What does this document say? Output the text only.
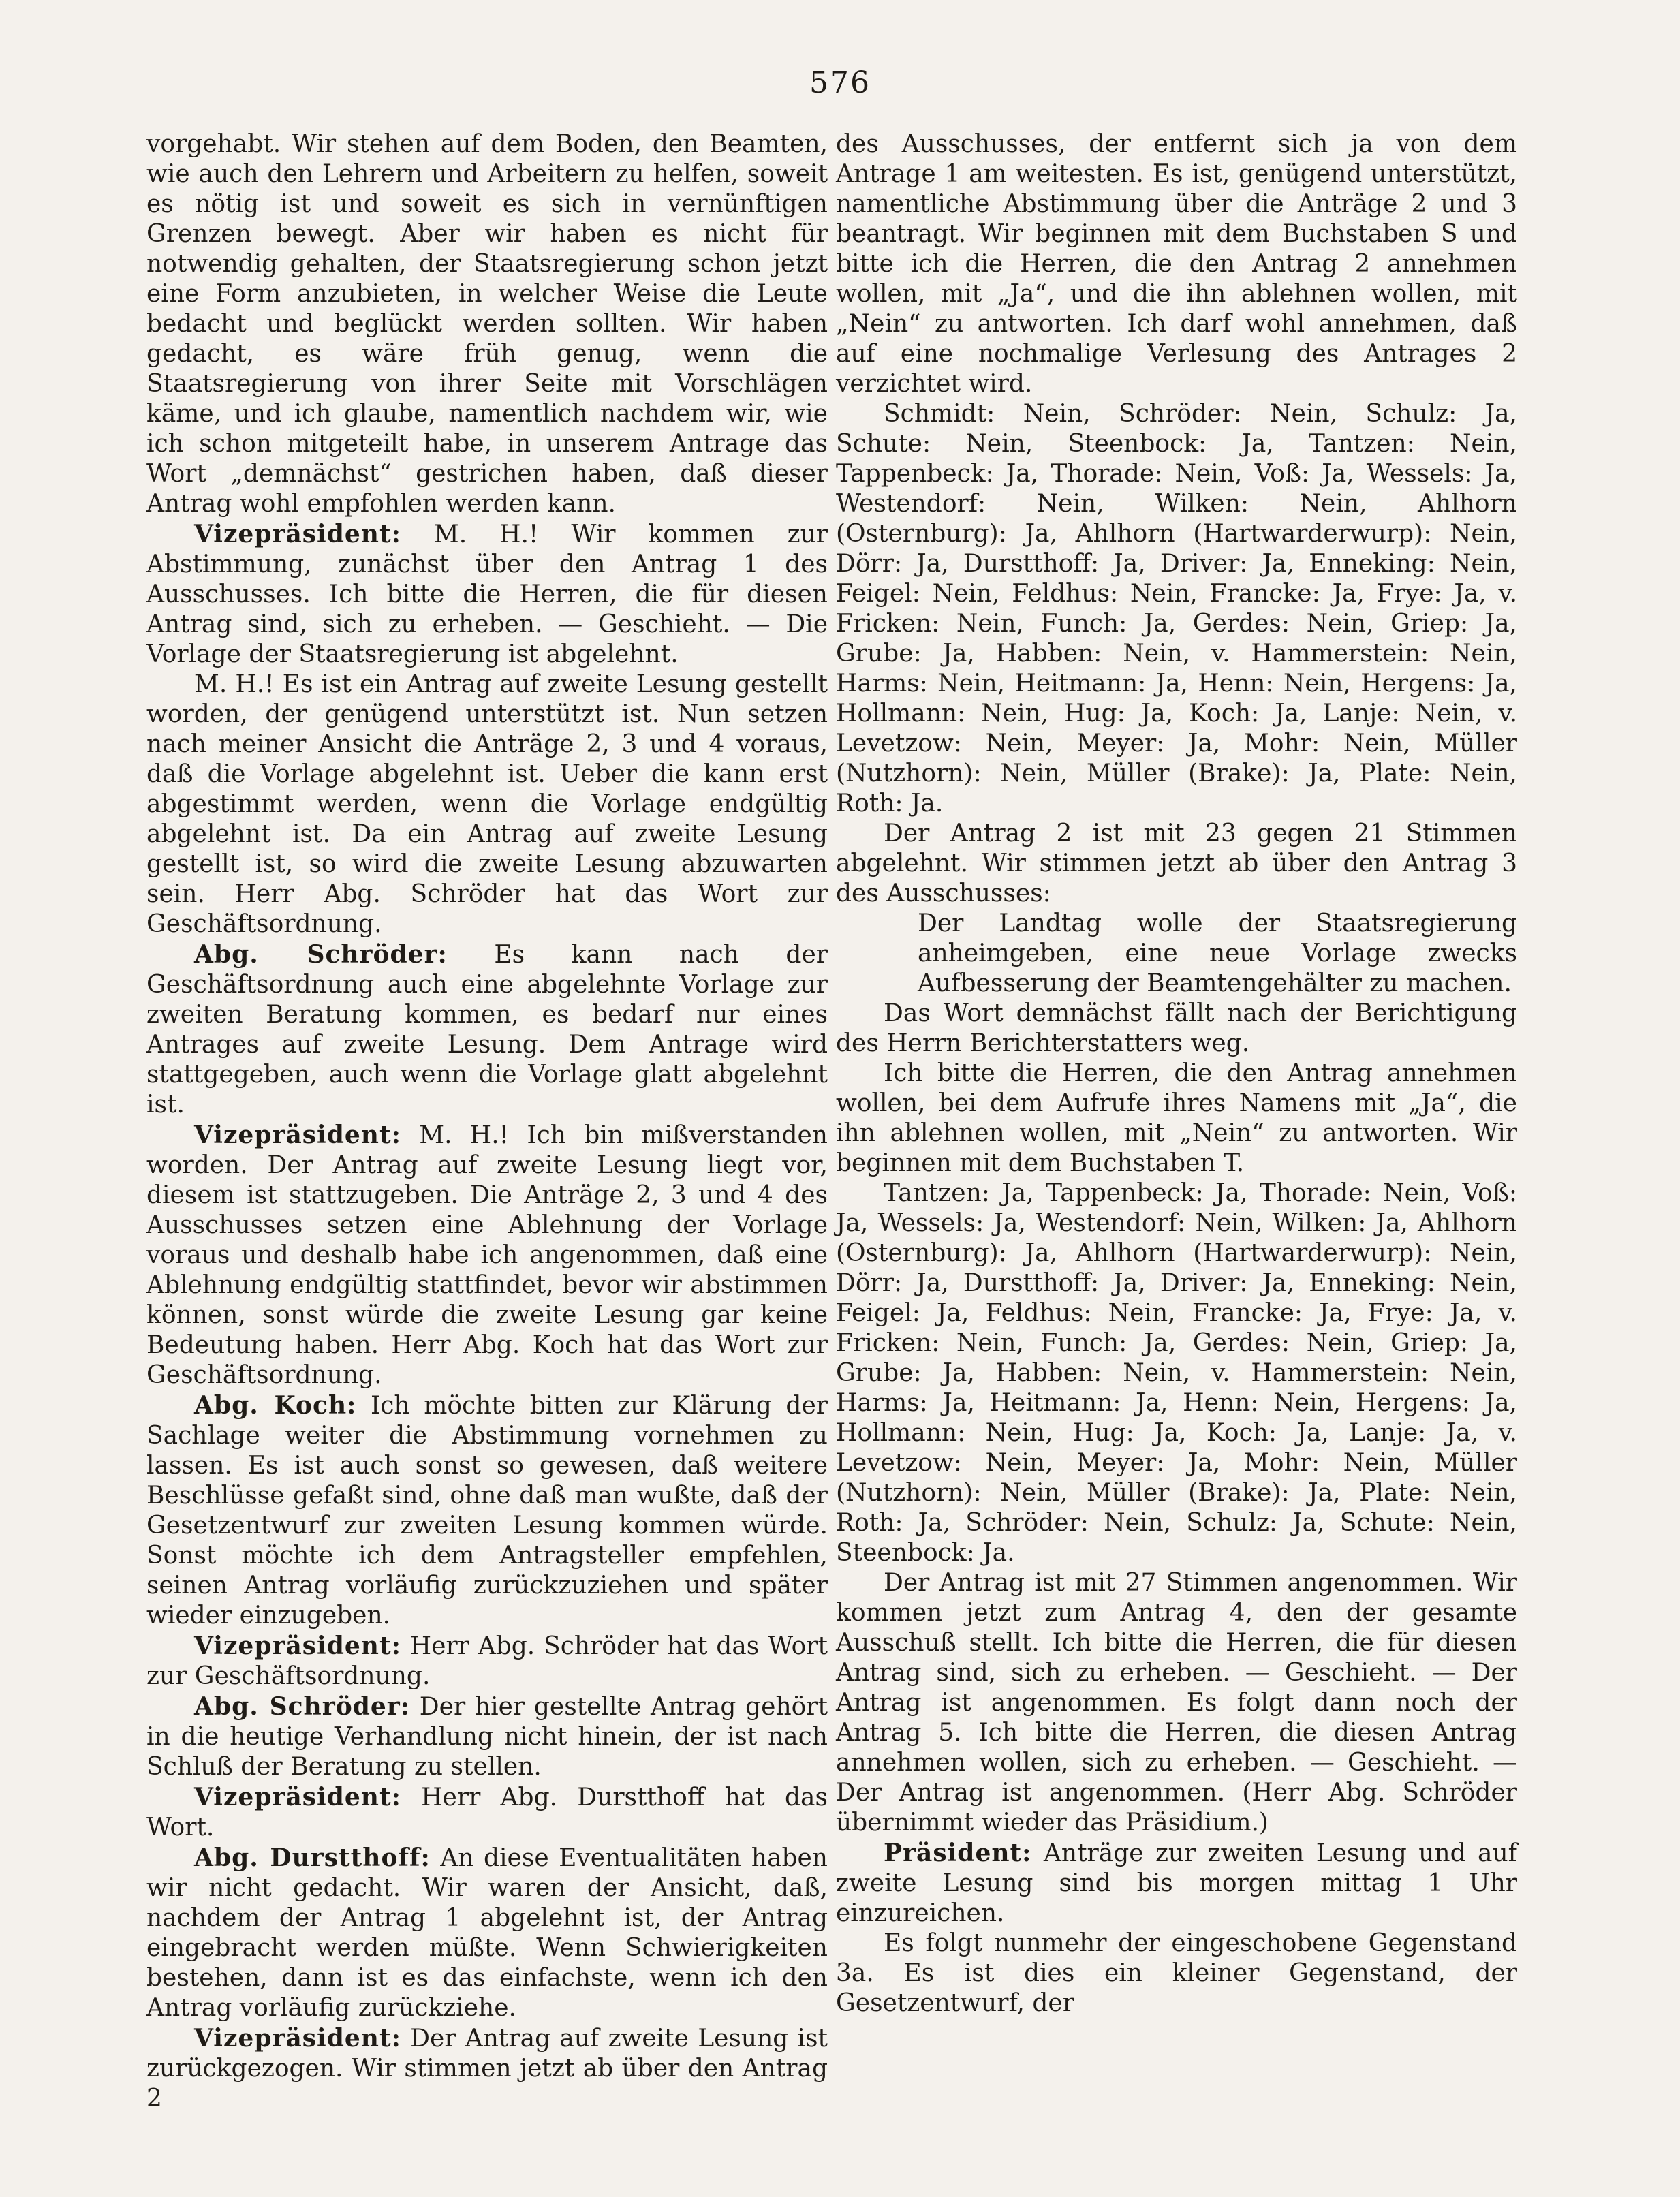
576

vorgehabt. Wir stehen auf dem Boden, den Beamten, wie auch den Lehrern und Arbeitern zu helfen, soweit es nötig ist und soweit es sich in vernünftigen Grenzen bewegt. Aber wir haben es nicht für notwendig gehalten, der Staatsregierung schon jetzt eine Form anzubieten, in welcher Weise die Leute bedacht und beglückt werden sollten. Wir haben gedacht, es wäre früh genug, wenn die Staatsregierung von ihrer Seite mit Vorschlägen käme, und ich glaube, namentlich nachdem wir, wie ich schon mitgeteilt habe, in unserem Antrage das Wort „demnächst“ gestrichen haben, daß dieser Antrag wohl empfohlen werden kann.

Vizepräsident: M. H.! Wir kommen zur Abstimmung, zunächst über den Antrag 1 des Ausschusses. Ich bitte die Herren, die für diesen Antrag sind, sich zu erheben. — Geschieht. — Die Vorlage der Staatsregierung ist abgelehnt.

M. H.! Es ist ein Antrag auf zweite Lesung gestellt worden, der genügend unterstützt ist. Nun setzen nach meiner Ansicht die Anträge 2, 3 und 4 voraus, daß die Vorlage abgelehnt ist. Ueber die kann erst abgestimmt werden, wenn die Vorlage endgültig abgelehnt ist. Da ein Antrag auf zweite Lesung gestellt ist, so wird die zweite Lesung abzuwarten sein. Herr Abg. Schröder hat das Wort zur Geschäftsordnung.

Abg. Schröder: Es kann nach der Geschäftsordnung auch eine abgelehnte Vorlage zur zweiten Beratung kommen, es bedarf nur eines Antrages auf zweite Lesung. Dem Antrage wird stattgegeben, auch wenn die Vorlage glatt abgelehnt ist.

Vizepräsident: M. H.! Ich bin mißverstanden worden. Der Antrag auf zweite Lesung liegt vor, diesem ist stattzugeben. Die Anträge 2, 3 und 4 des Ausschusses setzen eine Ablehnung der Vorlage voraus und deshalb habe ich angenommen, daß eine Ablehnung endgültig stattfindet, bevor wir abstimmen können, sonst würde die zweite Lesung gar keine Bedeutung haben. Herr Abg. Koch hat das Wort zur Geschäftsordnung.

Abg. Koch: Ich möchte bitten zur Klärung der Sachlage weiter die Abstimmung vornehmen zu lassen. Es ist auch sonst so gewesen, daß weitere Beschlüsse gefaßt sind, ohne daß man wußte, daß der Gesetzentwurf zur zweiten Lesung kommen würde. Sonst möchte ich dem Antragsteller empfehlen, seinen Antrag vorläufig zurückzuziehen und später wieder einzugeben.

Vizepräsident: Herr Abg. Schröder hat das Wort zur Geschäftsordnung.

Abg. Schröder: Der hier gestellte Antrag gehört in die heutige Verhandlung nicht hinein, der ist nach Schluß der Beratung zu stellen.

Vizepräsident: Herr Abg. Durstthoff hat das Wort.

Abg. Durstthoff: An diese Eventualitäten haben wir nicht gedacht. Wir waren der Ansicht, daß, nachdem der Antrag 1 abgelehnt ist, der Antrag eingebracht werden müßte. Wenn Schwierigkeiten bestehen, dann ist es das einfachste, wenn ich den Antrag vorläufig zurückziehe.

Vizepräsident: Der Antrag auf zweite Lesung ist zurückgezogen. Wir stimmen jetzt ab über den Antrag 2

des Ausschusses, der entfernt sich ja von dem Antrage 1 am weitesten. Es ist, genügend unterstützt, namentliche Abstimmung über die Anträge 2 und 3 beantragt. Wir beginnen mit dem Buchstaben S und bitte ich die Herren, die den Antrag 2 annehmen wollen, mit „Ja“, und die ihn ablehnen wollen, mit „Nein“ zu antworten. Ich darf wohl annehmen, daß auf eine nochmalige Verlesung des Antrages 2 verzichtet wird.

Schmidt: Nein, Schröder: Nein, Schulz: Ja, Schute: Nein, Steenbock: Ja, Tantzen: Nein, Tappenbeck: Ja, Thorade: Nein, Voß: Ja, Wessels: Ja, Westendorf: Nein, Wilken: Nein, Ahlhorn (Osternburg): Ja, Ahlhorn (Hartwarderwurp): Nein, Dörr: Ja, Durstthoff: Ja, Driver: Ja, Enneking: Nein, Feigel: Nein, Feldhus: Nein, Francke: Ja, Frye: Ja, v. Fricken: Nein, Funch: Ja, Gerdes: Nein, Griep: Ja, Grube: Ja, Habben: Nein, v. Hammerstein: Nein, Harms: Nein, Heitmann: Ja, Henn: Nein, Hergens: Ja, Hollmann: Nein, Hug: Ja, Koch: Ja, Lanje: Nein, v. Levetzow: Nein, Meyer: Ja, Mohr: Nein, Müller (Nutzhorn): Nein, Müller (Brake): Ja, Plate: Nein, Roth: Ja.

Der Antrag 2 ist mit 23 gegen 21 Stimmen abgelehnt. Wir stimmen jetzt ab über den Antrag 3 des Ausschusses:

Der Landtag wolle der Staatsregierung anheimgeben, eine neue Vorlage zwecks Aufbesserung der Beamtengehälter zu machen.

Das Wort demnächst fällt nach der Berichtigung des Herrn Berichterstatters weg.

Ich bitte die Herren, die den Antrag annehmen wollen, bei dem Aufrufe ihres Namens mit „Ja“, die ihn ablehnen wollen, mit „Nein“ zu antworten. Wir beginnen mit dem Buchstaben T.

Tantzen: Ja, Tappenbeck: Ja, Thorade: Nein, Voß: Ja, Wessels: Ja, Westendorf: Nein, Wilken: Ja, Ahlhorn (Osternburg): Ja, Ahlhorn (Hartwarderwurp): Nein, Dörr: Ja, Durstthoff: Ja, Driver: Ja, Enneking: Nein, Feigel: Ja, Feldhus: Nein, Francke: Ja, Frye: Ja, v. Fricken: Nein, Funch: Ja, Gerdes: Nein, Griep: Ja, Grube: Ja, Habben: Nein, v. Hammerstein: Nein, Harms: Ja, Heitmann: Ja, Henn: Nein, Hergens: Ja, Hollmann: Nein, Hug: Ja, Koch: Ja, Lanje: Ja, v. Levetzow: Nein, Meyer: Ja, Mohr: Nein, Müller (Nutzhorn): Nein, Müller (Brake): Ja, Plate: Nein, Roth: Ja, Schröder: Nein, Schulz: Ja, Schute: Nein, Steenbock: Ja.

Der Antrag ist mit 27 Stimmen angenommen. Wir kommen jetzt zum Antrag 4, den der gesamte Ausschuß stellt. Ich bitte die Herren, die für diesen Antrag sind, sich zu erheben. — Geschieht. — Der Antrag ist angenommen. Es folgt dann noch der Antrag 5. Ich bitte die Herren, die diesen Antrag annehmen wollen, sich zu erheben. — Geschieht. — Der Antrag ist angenommen. (Herr Abg. Schröder übernimmt wieder das Präsidium.)

Präsident: Anträge zur zweiten Lesung und auf zweite Lesung sind bis morgen mittag 1 Uhr einzureichen.

Es folgt nunmehr der eingeschobene Gegenstand 3a. Es ist dies ein kleiner Gegenstand, der Gesetzentwurf, der
